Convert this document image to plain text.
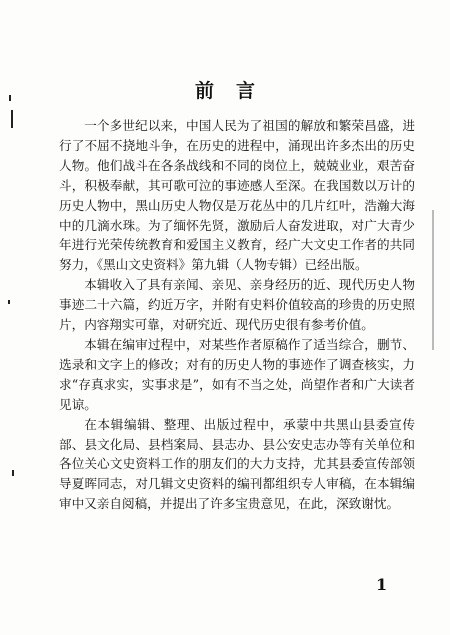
前言

一个多世纪以来，中国人民为了祖国的解放和繁荣昌盛，进行了不屈不挠地斗争，在历史的进程中，涌现出许多杰出的历史人物。他们战斗在各条战线和不同的岗位上，兢兢业业，艰苦奋斗，积极奉献，其可歌可泣的事迹感人至深。在我国数以万计的历史人物中，黑山历史人物仅是万花丛中的几片红叶，浩瀚大海中的几滴水珠。为了缅怀先贤，激励后人奋发进取，对广大青少年进行光荣传统教育和爱国主义教育，经广大文史工作者的共同努力，《黑山文史资料》第九辑（人物专辑）已经出版。

本辑收入了具有亲闻、亲见、亲身经历的近、现代历史人物事迹二十六篇，约近万字，并附有史料价值较高的珍贵的历史照片，内容翔实可靠，对研究近、现代历史很有参考价值。

本辑在编审过程中，对某些作者原稿作了适当综合，删节、选录和文字上的修改；对有的历史人物的事迹作了调查核实，力求“存真求实，实事求是”，如有不当之处，尚望作者和广大读者见谅。

在本辑编辑、整理、出版过程中，承蒙中共黑山县委宣传部、县文化局、县档案局、县志办、县公安史志办等有关单位和各位关心文史资料工作的朋友们的大力支持，尤其县委宣传部领导夏晖同志，对几辑文史资料的编刊都组织专人审稿，在本辑编审中又亲自阅稿，并提出了许多宝贵意见，在此，深致谢忱。

1
